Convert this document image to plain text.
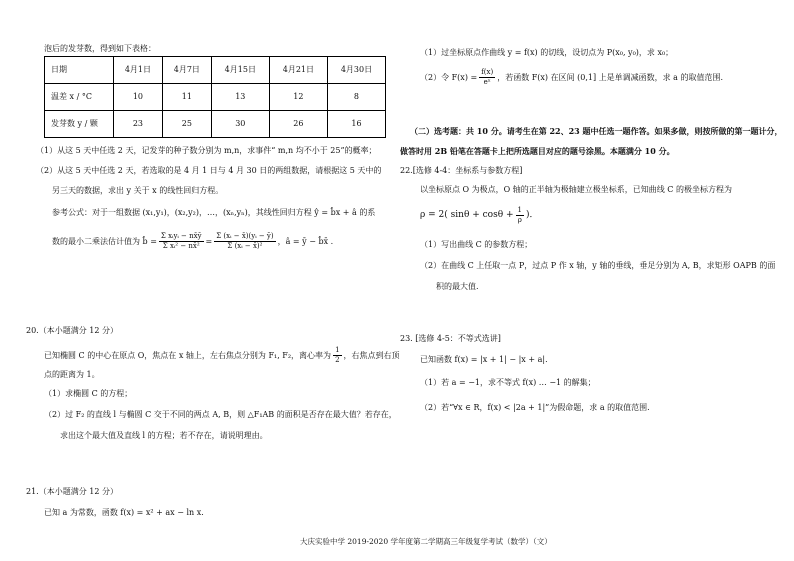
泡后的发芽数，得到如下表格：
日期	4月1日	4月7日	4月15日	4月21日	4月30日
温差 x / °C	10	11	13	12	8
发芽数 y / 颗	23	25	30	26	16
（1）从这 5 天中任选 2 天，记发芽的种子数分别为 m,n，求事件“ m,n 均不小于 25”的概率；
（2）从这 5 天中任选 2 天，若选取的是 4 月 1 日与 4 月 30 日的两组数据，请根据这 5 天中的
另三天的数据，求出 y 关于 x 的线性回归方程。
参考公式：对于一组数据 (x₁,y₁)，(x₂,y₂)，…，(xₙ,yₙ)，其线性回归方程 ŷ = b̂x + â 的系
数的最小二乘法估计值为 b̂ = $\frac{\text{Σ xᵢyᵢ − nx̄ȳ}}{\text{Σ xᵢ² − nx̄²}} = \frac{\text{Σ (xᵢ − x̄)(yᵢ − ȳ)}}{\text{Σ (xᵢ − x̄)²}}$ ，â = ȳ − b̂x̄ .
20.（本小题满分 12 分）
已知椭圆 C 的中心在原点 O，焦点在 x 轴上，左右焦点分别为 F₁, F₂，离心率为 $\frac{1}{2}$ ，右焦点到右顶
点的距离为 1。
（1）求椭圆 C 的方程；
（2）过 F₂ 的直线 l 与椭圆 C 交于不同的两点 A, B，则 △F₁AB 的面积是否存在最大值？若存在，
求出这个最大值及直线 l 的方程；若不存在，请说明理由。
21.（本小题满分 12 分）
已知 a 为常数，函数 f(x) = x² + ax − ln x.
（1）过坐标原点作曲线 y = f(x) 的切线，设切点为 P(x₀, y₀)，求 x₀；
（2）令 $F(x) = \frac{f(x)}{\text{eˣ}}$ ，若函数 F(x) 在区间 (0,1] 上是单调减函数，求 a 的取值范围.
（二）选考题：共 10 分。请考生在第 22、23 题中任选一题作答。如果多做，则按所做的第一题计分，
做答时用 2B 铅笔在答题卡上把所选题目对应的题号涂黑。本题满分 10 分。
22.[选修 4-4：坐标系与参数方程]
以坐标原点 O 为极点，O 轴的正半轴为极轴建立极坐标系，已知曲线 C 的极坐标方程为
ρ = 2( $\sin\theta + \cos\theta + \frac{1}{\rho}$ )．
（1）写出曲线 C 的参数方程；
（2）在曲线 C 上任取一点 P，过点 P 作 x 轴，y 轴的垂线，垂足分别为 A, B，求矩形 OAPB 的面
积的最大值.
23. [选修 4-5：不等式选讲]
已知函数 f(x) = |x + 1| − |x + a|．
（1）若 a = −1，求不等式 f(x) … −1 的解集；
（2）若“∀x ∈ R，f(x) < |2a + 1|”为假命题，求 a 的取值范围.
大庆实验中学 2019-2020 学年度第二学期高三年级复学考试（数学）（文）
